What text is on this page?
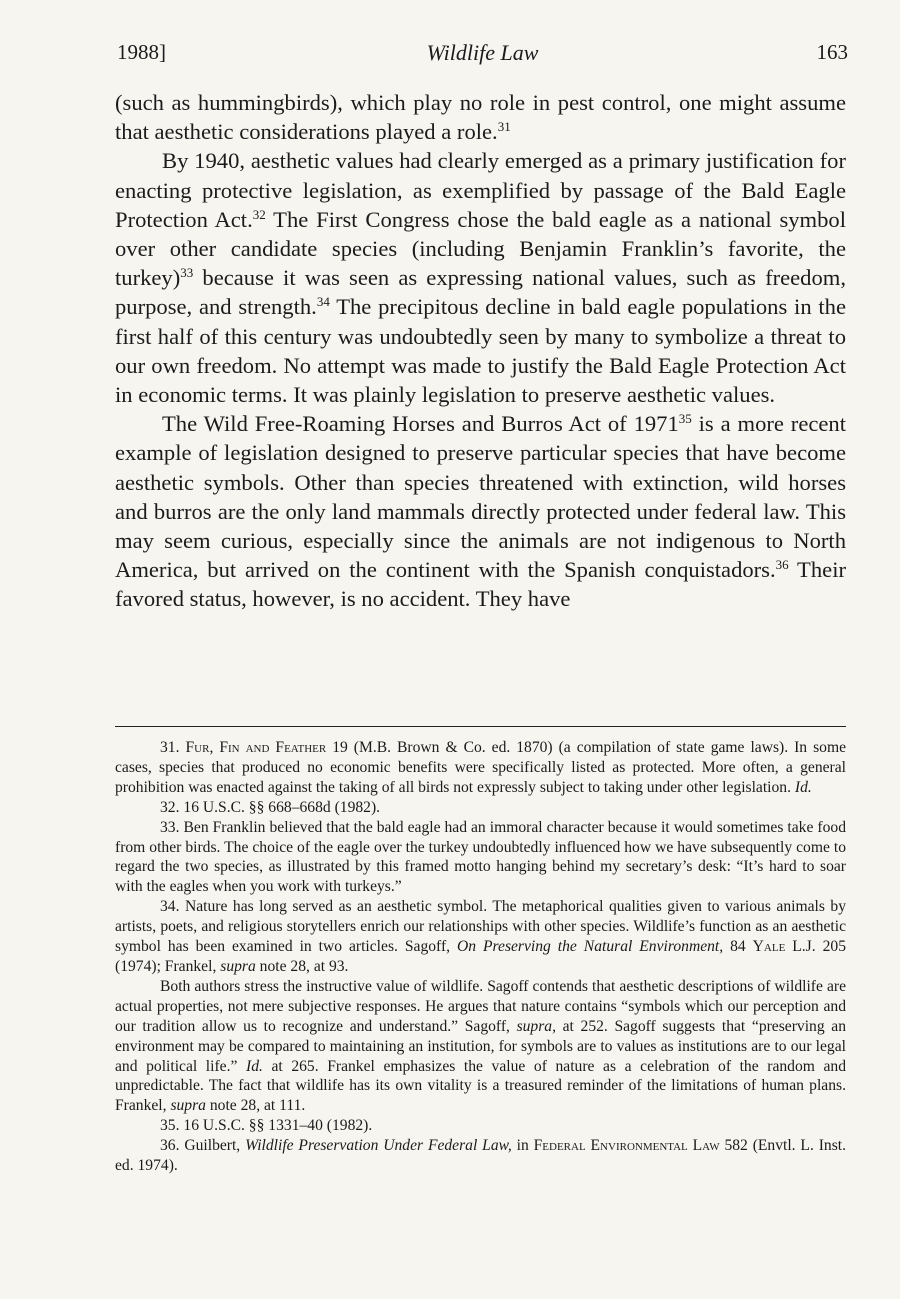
1988]	Wildlife Law	163

(such as hummingbirds), which play no role in pest control, one might assume that aesthetic considerations played a role.$^{31}$

By 1940, aesthetic values had clearly emerged as a primary justification for enacting protective legislation, as exemplified by passage of the Bald Eagle Protection Act.$^{32}$ The First Congress chose the bald eagle as a national symbol over other candidate species (including Benjamin Franklin’s favorite, the turkey)$^{33}$ because it was seen as expressing national values, such as freedom, purpose, and strength.$^{34}$ The precipitous decline in bald eagle populations in the first half of this century was undoubtedly seen by many to symbolize a threat to our own freedom. No attempt was made to justify the Bald Eagle Protection Act in economic terms. It was plainly legislation to preserve aesthetic values.

The Wild Free-Roaming Horses and Burros Act of 1971$^{35}$ is a more recent example of legislation designed to preserve particular species that have become aesthetic symbols. Other than species threatened with extinction, wild horses and burros are the only land mammals directly protected under federal law. This may seem curious, especially since the animals are not indigenous to North America, but arrived on the continent with the Spanish conquistadors.$^{36}$ Their favored status, however, is no accident. They have

31. Fur, Fin and Feather 19 (M.B. Brown & Co. ed. 1870) (a compilation of state game laws). In some cases, species that produced no economic benefits were specifically listed as protected. More often, a general prohibition was enacted against the taking of all birds not expressly subject to taking under other legislation. Id.

32. 16 U.S.C. §§ 668–668d (1982).

33. Ben Franklin believed that the bald eagle had an immoral character because it would sometimes take food from other birds. The choice of the eagle over the turkey undoubtedly influenced how we have subsequently come to regard the two species, as illustrated by this framed motto hanging behind my secretary’s desk: “It’s hard to soar with the eagles when you work with turkeys.”

34. Nature has long served as an aesthetic symbol. The metaphorical qualities given to various animals by artists, poets, and religious storytellers enrich our relationships with other species. Wildlife’s function as an aesthetic symbol has been examined in two articles. Sagoff, On Preserving the Natural Environment, 84 Yale L.J. 205 (1974); Frankel, supra note 28, at 93.

Both authors stress the instructive value of wildlife. Sagoff contends that aesthetic descriptions of wildlife are actual properties, not mere subjective responses. He argues that nature contains “symbols which our perception and our tradition allow us to recognize and understand.” Sagoff, supra, at 252. Sagoff suggests that “preserving an environment may be compared to maintaining an institution, for symbols are to values as institutions are to our legal and political life.” Id. at 265. Frankel emphasizes the value of nature as a celebration of the random and unpredictable. The fact that wildlife has its own vitality is a treasured reminder of the limitations of human plans. Frankel, supra note 28, at 111.

35. 16 U.S.C. §§ 1331–40 (1982).

36. Guilbert, Wildlife Preservation Under Federal Law, in Federal Environmental Law 582 (Envtl. L. Inst. ed. 1974).
